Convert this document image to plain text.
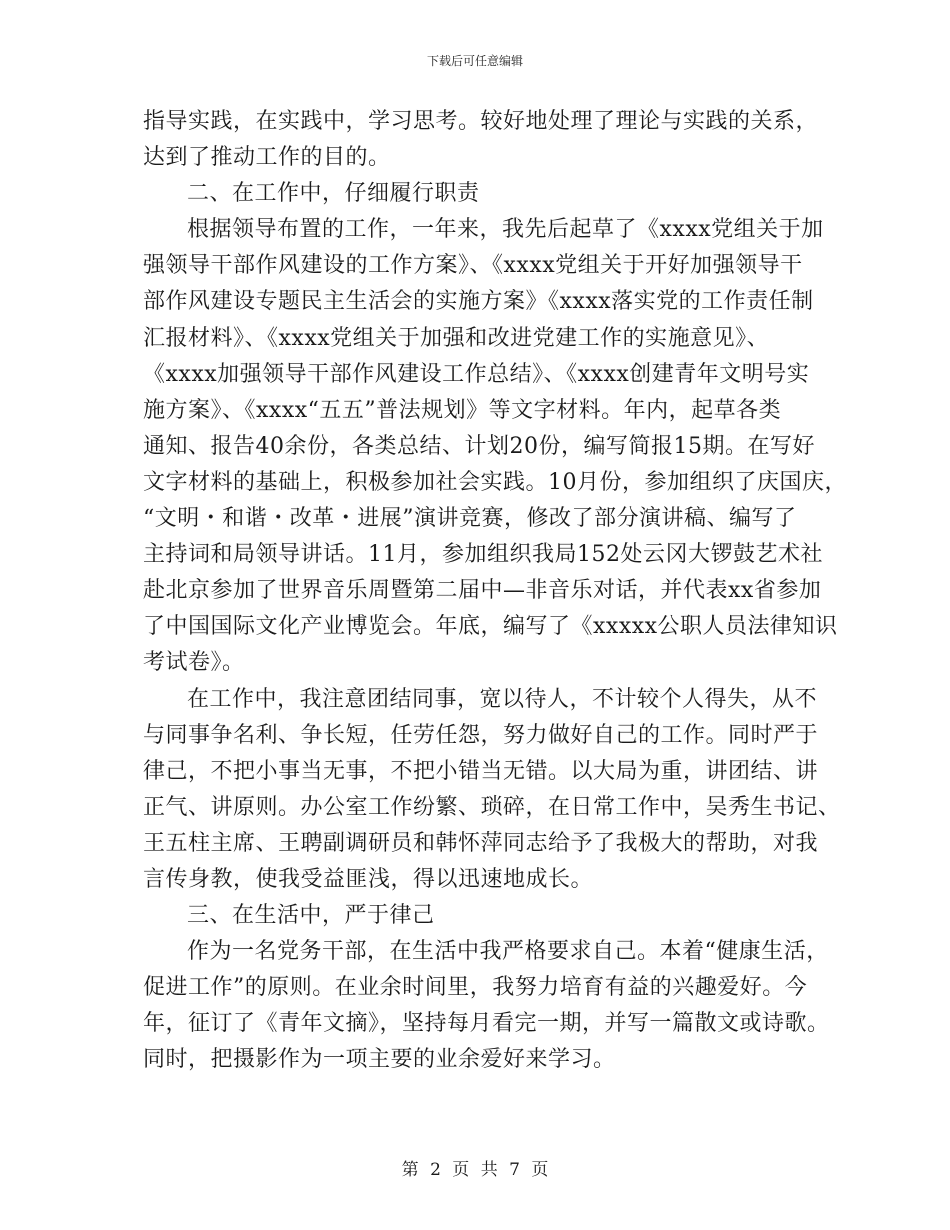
下载后可任意编辑
指导实践，在实践中，学习思考。较好地处理了理论与实践的关系，
达到了推动工作的目的。
二、在工作中，仔细履行职责
根据领导布置的工作，一年来，我先后起草了《xxxx党组关于加
强领导干部作风建设的工作方案》、《xxxx党组关于开好加强领导干
部作风建设专题民主生活会的实施方案》《xxxx落实党的工作责任制
汇报材料》、《xxxx党组关于加强和改进党建工作的实施意见》、
《xxxx加强领导干部作风建设工作总结》、《xxxx创建青年文明号实
施方案》、《xxxx“五五”普法规划》等文字材料。年内，起草各类
通知、报告40余份，各类总结、计划20份，编写简报15期。在写好
文字材料的基础上，积极参加社会实践。10月份，参加组织了庆国庆，
“文明・和谐・改革・进展”演讲竞赛，修改了部分演讲稿、编写了
主持词和局领导讲话。11月，参加组织我局152处云冈大锣鼓艺术社
赴北京参加了世界音乐周暨第二届中—非音乐对话，并代表xx省参加
了中国国际文化产业博览会。年底，编写了《xxxxx公职人员法律知识
考试卷》。
在工作中，我注意团结同事，宽以待人，不计较个人得失，从不
与同事争名利、争长短，任劳任怨，努力做好自己的工作。同时严于
律己，不把小事当无事，不把小错当无错。以大局为重，讲团结、讲
正气、讲原则。办公室工作纷繁、琐碎，在日常工作中，吴秀生书记、
王五柱主席、王聘副调研员和韩怀萍同志给予了我极大的帮助，对我
言传身教，使我受益匪浅，得以迅速地成长。
三、在生活中，严于律己
作为一名党务干部，在生活中我严格要求自己。本着“健康生活，
促进工作”的原则。在业余时间里，我努力培育有益的兴趣爱好。今
年，征订了《青年文摘》，坚持每月看完一期，并写一篇散文或诗歌。
同时，把摄影作为一项主要的业余爱好来学习。
第 2 页 共 7 页
